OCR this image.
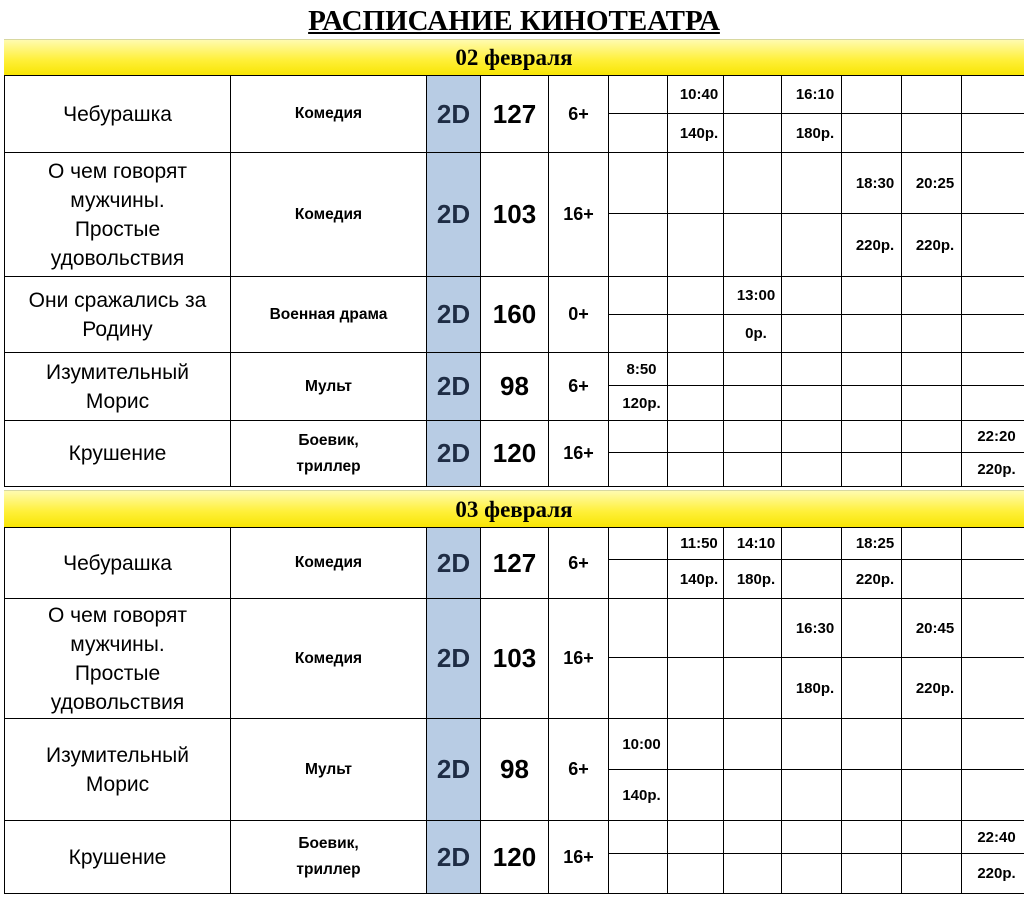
РАСПИСАНИЕ КИНОТЕАТРА
02 февраля
Чебурашка	Комедия	2D	127	6+		10:40		16:10			
						140р.		180р.			

О чем говорят
мужчины.
Простые
удовольствия	Комедия	2D	103	16+					18:30	20:25	
									220р.	220р.	

Они сражались за
Родину	Военная драма	2D	160	0+			13:00				
							0р.				

Изумительный
Морис	Мульт	2D	98	6+	8:50						
					120р.						

Крушение	Боевик,
триллер	2D	120	16+							22:20
											220р.
03 февраля
Чебурашка	Комедия	2D	127	6+		11:50	14:10		18:25		
						140р.	180р.		220р.		

О чем говорят
мужчины.
Простые
удовольствия	Комедия	2D	103	16+				16:30		20:45	
								180р.		220р.	

Изумительный
Морис	Мульт	2D	98	6+	10:00						
					140р.						

Крушение	Боевик,
триллер	2D	120	16+							22:40
											220р.
